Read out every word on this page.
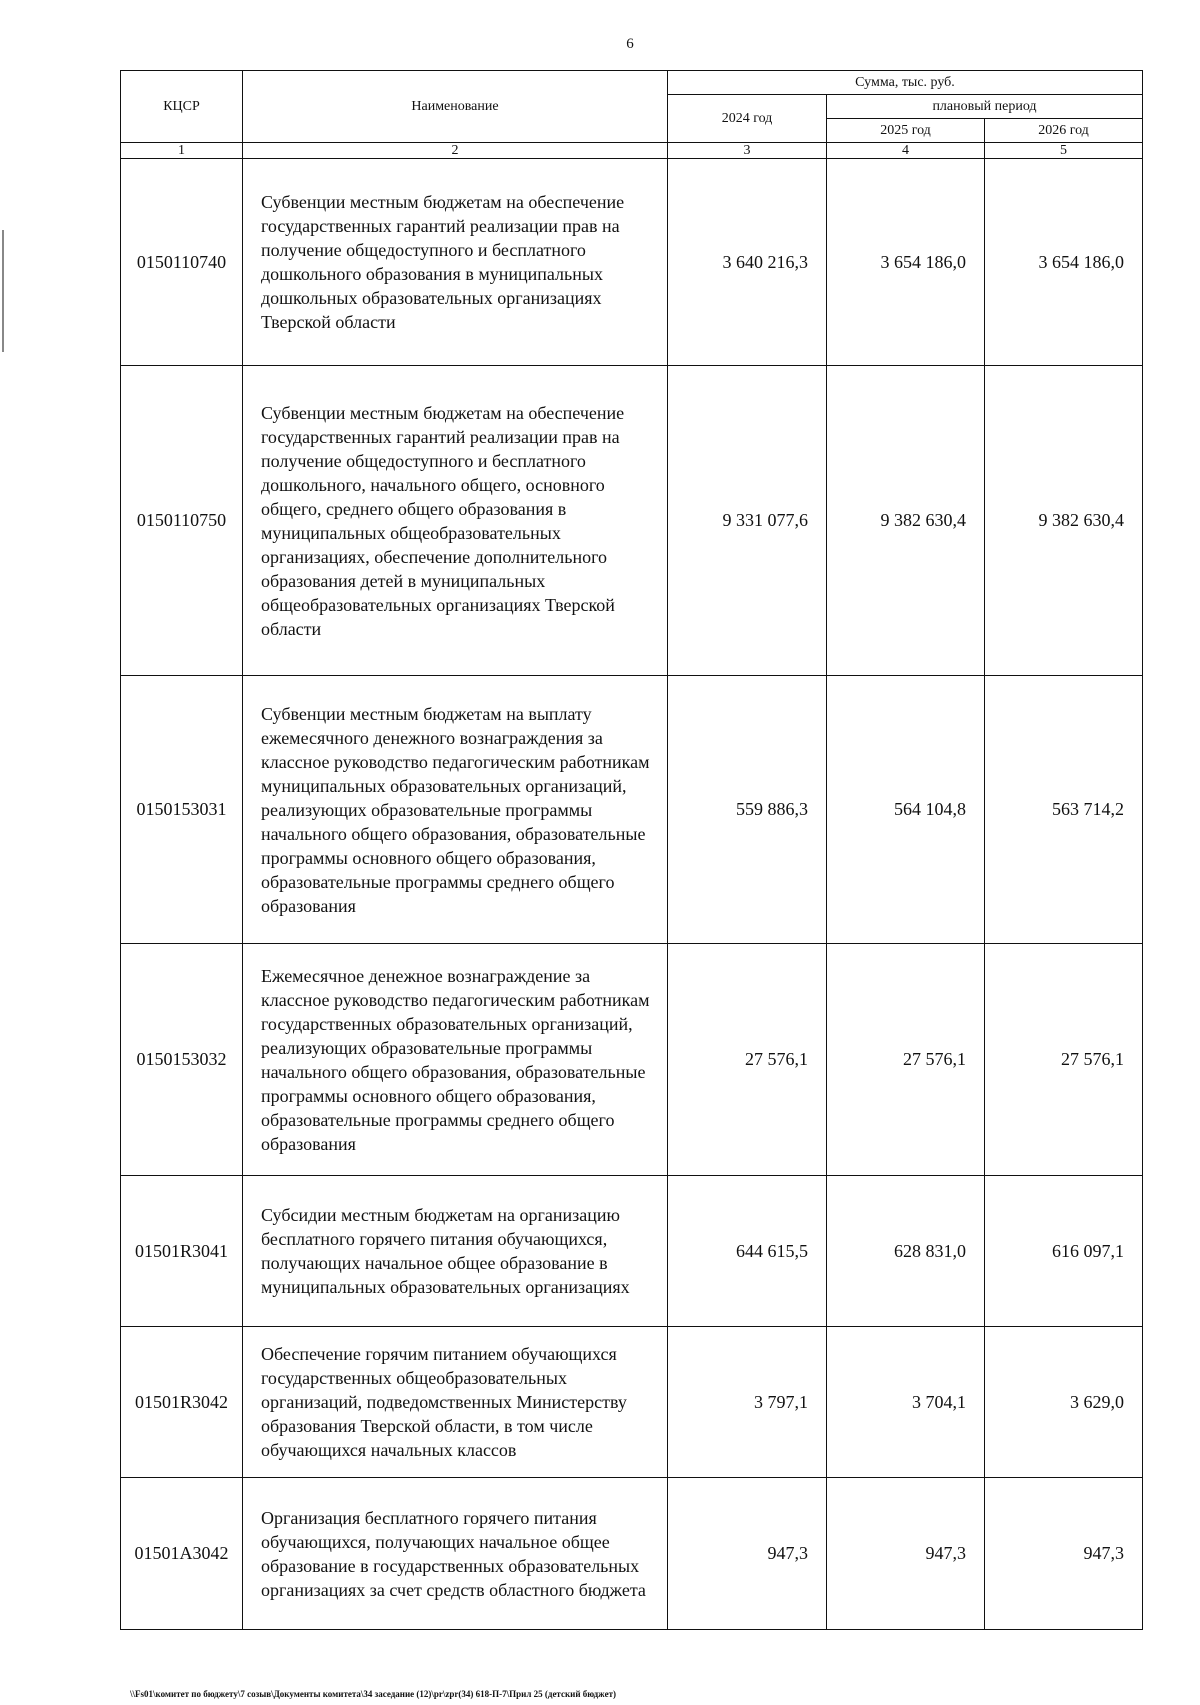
6
КЦСР	Наименование	Сумма, тыс. руб.		
		2024 год	плановый период	
			2025 год	2026 год
1	2	3	4	5
0150110740	Субвенции местным бюджетам на обеспечение государственных гарантий реализации прав на получение общедоступного и бесплатного дошкольного образования в муниципальных дошкольных образовательных организациях Тверской области	3 640 216,3	3 654 186,0	3 654 186,0
0150110750	Субвенции местным бюджетам на обеспечение государственных гарантий реализации прав на получение общедоступного и бесплатного дошкольного, начального общего, основного общего, среднего общего образования в муниципальных общеобразовательных организациях, обеспечение дополнительного образования детей в муниципальных общеобразовательных организациях Тверской области	9 331 077,6	9 382 630,4	9 382 630,4
0150153031	Субвенции местным бюджетам на выплату ежемесячного денежного вознаграждения за классное руководство педагогическим работникам муниципальных образовательных организаций, реализующих образовательные программы начального общего образования, образовательные программы основного общего образования, образовательные программы среднего общего образования	559 886,3	564 104,8	563 714,2
0150153032	Ежемесячное денежное вознаграждение за классное руководство педагогическим работникам государственных образовательных организаций, реализующих образовательные программы начального общего образования, образовательные программы основного общего образования, образовательные программы среднего общего образования	27 576,1	27 576,1	27 576,1
01501R3041	Субсидии местным бюджетам на организацию бесплатного горячего питания обучающихся, получающих начальное общее образование в муниципальных образовательных организациях	644 615,5	628 831,0	616 097,1
01501R3042	Обеспечение горячим питанием обучающихся государственных общеобразовательных организаций, подведомственных Министерству образования Тверской области, в том числе обучающихся начальных классов	3 797,1	3 704,1	3 629,0
01501A3042	Организация бесплатного горячего питания обучающихся, получающих начальное общее образование в государственных образовательных организациях за счет средств областного бюджета	947,3	947,3	947,3
\\Fs01\комитет по бюджету\7 созыв\Документы комитета\34 заседание (12)\pr\zpr(34) 618-П-7\Прил 25 (детский бюджет)
